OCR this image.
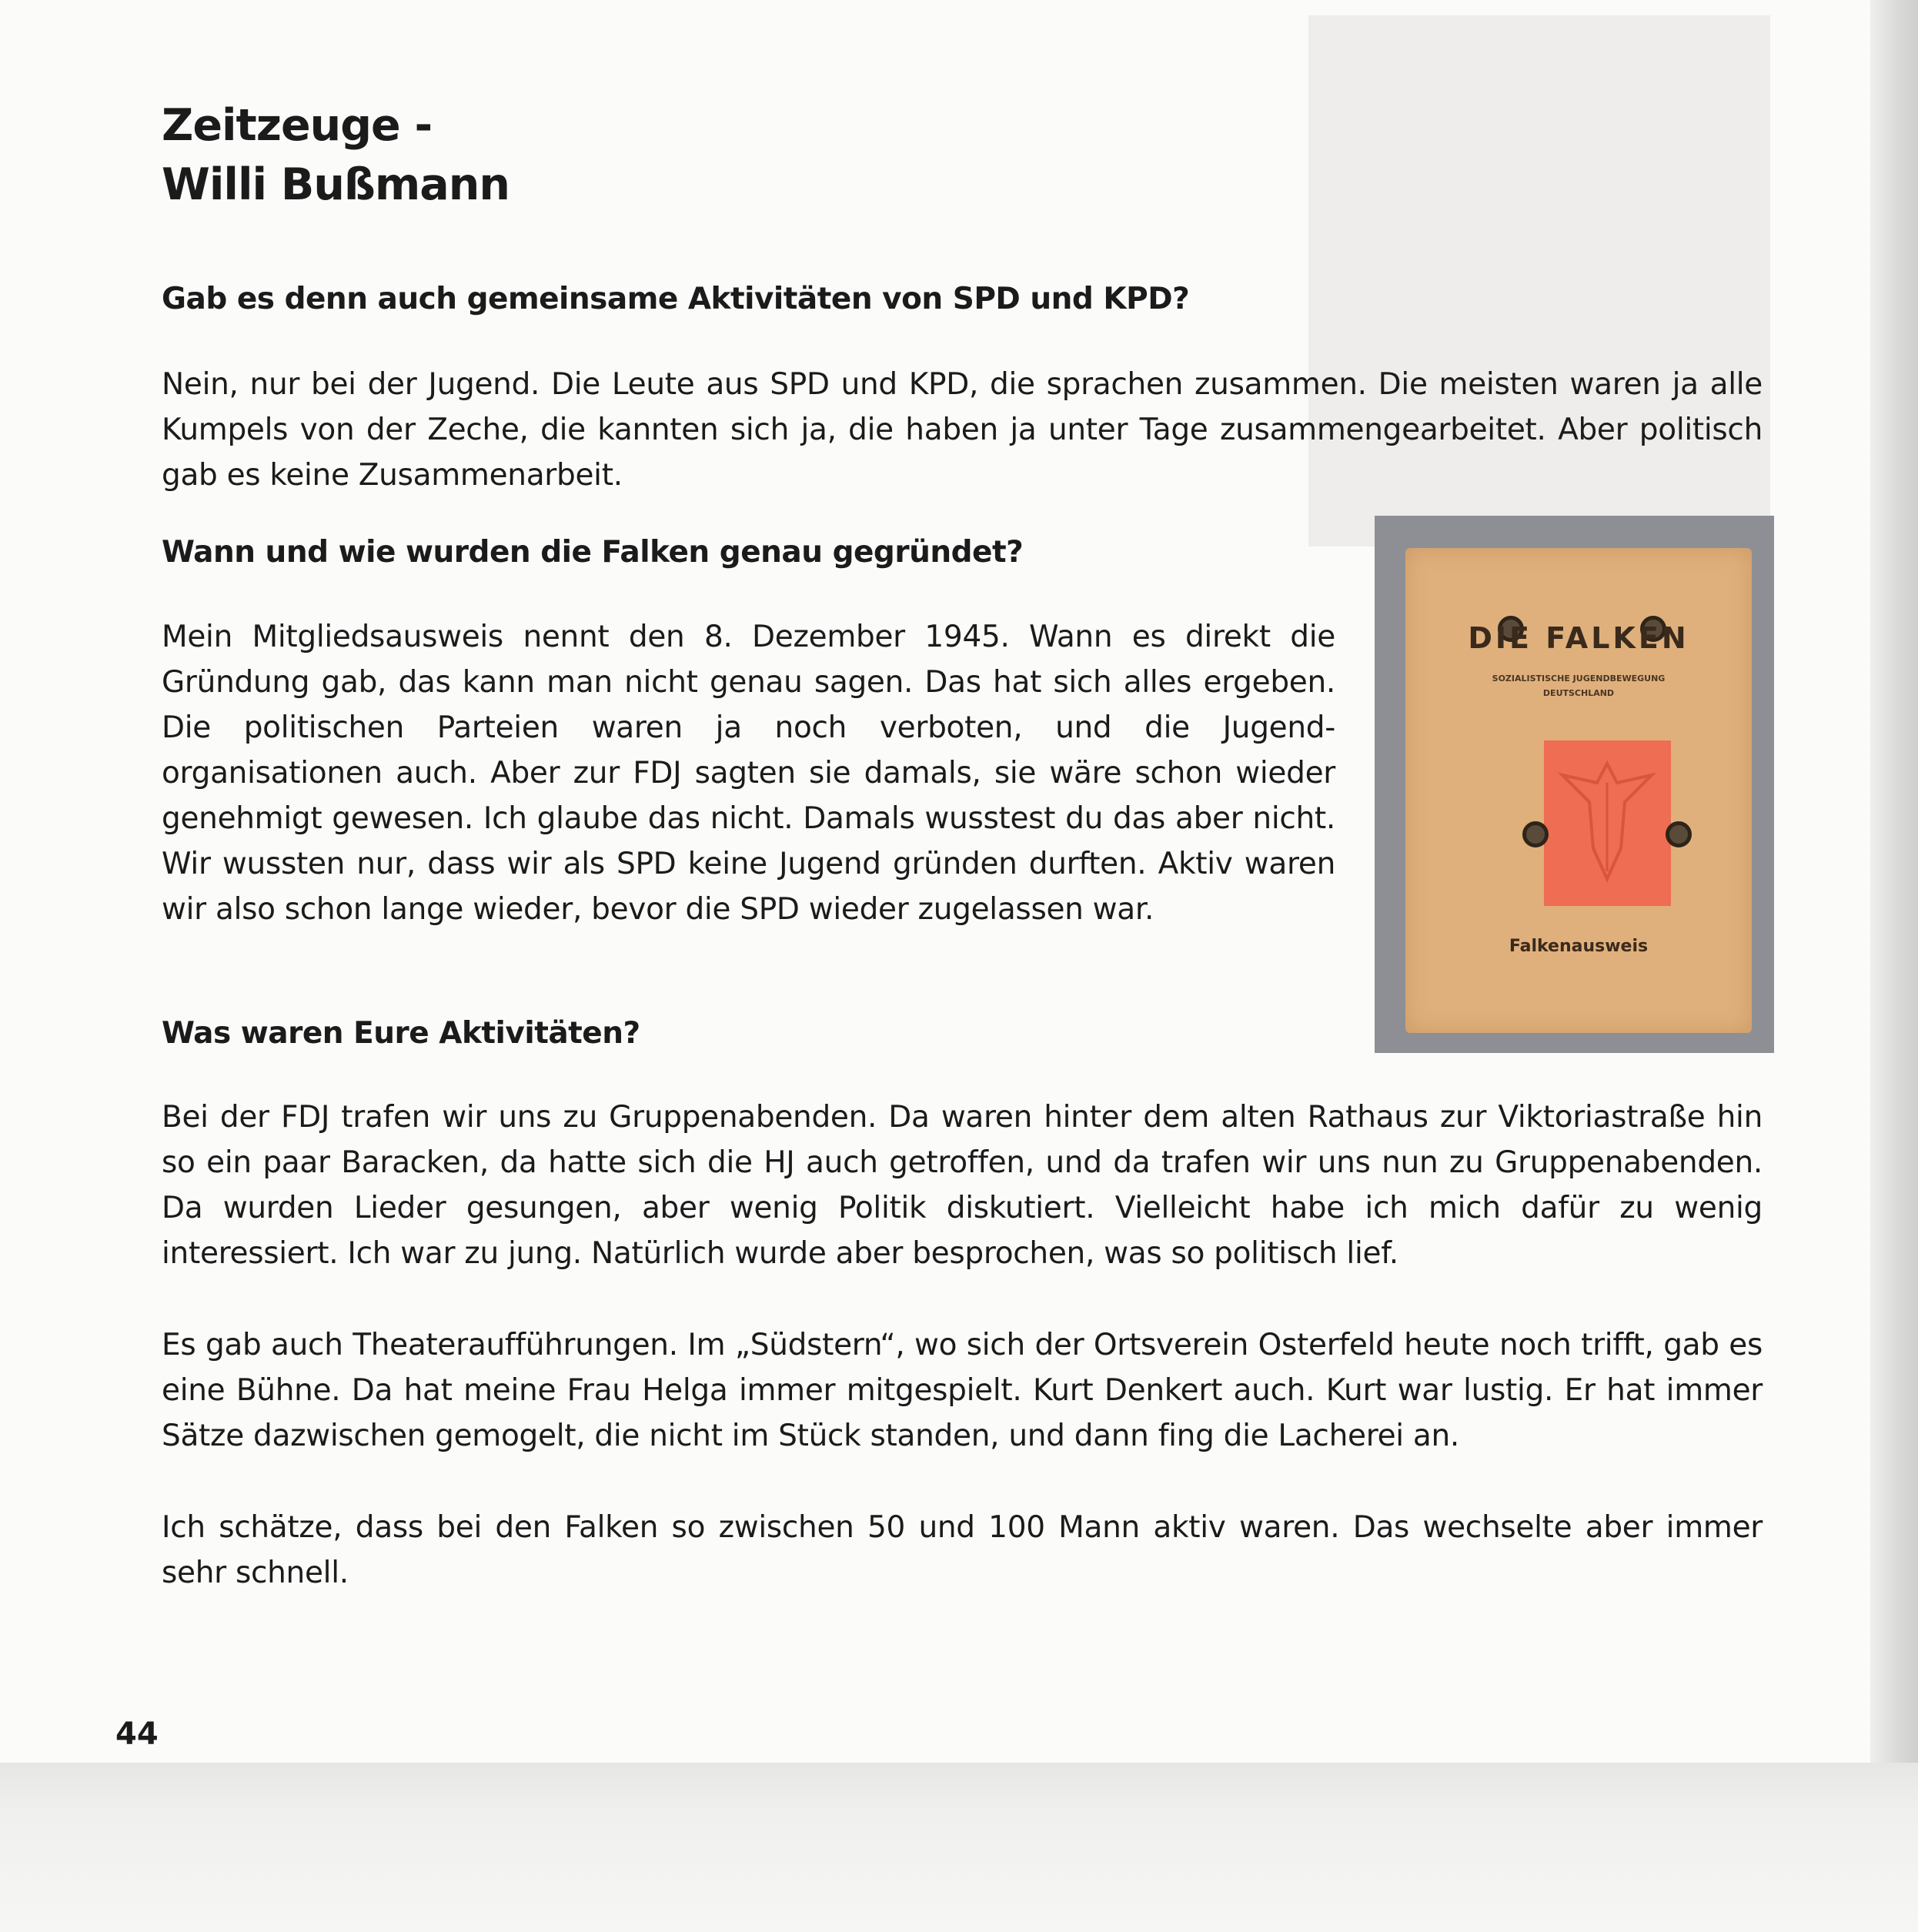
Zeitzeuge -
Willi Bußmann
Gab es denn auch gemeinsame Aktivitäten von SPD und KPD?

Nein, nur bei der Jugend. Die Leute aus SPD und KPD, die sprachen zusammen. Die meisten waren ja alle Kumpels von der Zeche, die kannten sich ja, die haben ja unter Tage zusammengearbeitet. Aber politisch gab es keine Zusammenarbeit.

Wann und wie wurden die Falken genau gegründet?

Mein Mitgliedsausweis nennt den 8. Dezember 1945. Wann es direkt die Gründung gab, das kann man nicht genau sagen. Das hat sich alles ergeben. Die politischen Parteien waren ja noch verboten, und die Jugend-organisationen auch. Aber zur FDJ sagten sie damals, sie wäre schon wieder genehmigt gewesen. Ich glaube das nicht. Damals wusstest du das aber nicht. Wir wussten nur, dass wir als SPD keine Jugend gründen durften. Aktiv waren wir also schon lange wieder, bevor die SPD wieder zugelassen war.

Was waren Eure Aktivitäten?

Bei der FDJ trafen wir uns zu Gruppenabenden. Da waren hinter dem alten Rathaus zur Viktoriastraße hin so ein paar Baracken, da hatte sich die HJ auch getroffen, und da trafen wir uns nun zu Gruppenabenden. Da wurden Lieder gesungen, aber wenig Politik diskutiert. Vielleicht habe ich mich dafür zu wenig interessiert. Ich war zu jung. Natürlich wurde aber besprochen, was so politisch lief.

Es gab auch Theateraufführungen. Im „Südstern“, wo sich der Ortsverein Osterfeld heute noch trifft, gab es eine Bühne. Da hat meine Frau Helga immer mitgespielt. Kurt Denkert auch. Kurt war lustig. Er hat immer Sätze dazwischen gemogelt, die nicht im Stück standen, und dann fing die Lacherei an.

Ich schätze, dass bei den Falken so zwischen 50 und 100 Mann aktiv waren. Das wechselte aber immer sehr schnell.

DIE FALKEN

SOZIALISTISCHE JUGENDBEWEGUNG
DEUTSCHLAND

Falkenausweis

44
